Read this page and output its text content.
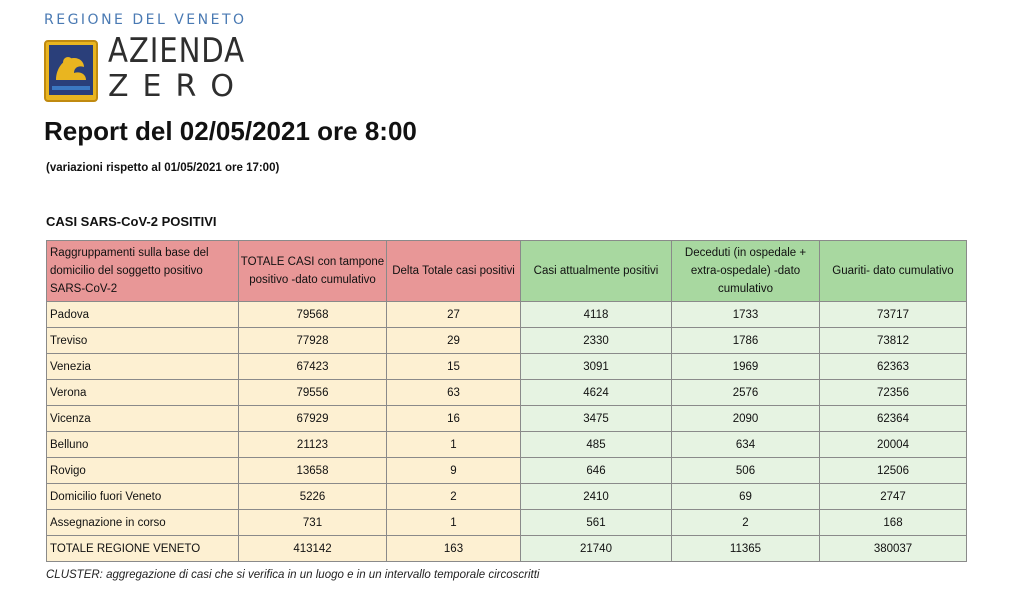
REGIONE DEL VENETO
AZIENDA
ZERO
Report del 02/05/2021 ore 8:00
(variazioni rispetto al 01/05/2021 ore 17:00)
CASI SARS-CoV-2 POSITIVI
Raggruppamenti sulla base del domicilio del soggetto positivo SARS-CoV-2	TOTALE CASI con tampone positivo -dato cumulativo	Delta Totale casi positivi	Casi attualmente positivi	Deceduti (in ospedale + extra-ospedale) -dato cumulativo	Guariti- dato cumulativo
Padova	79568	27	4118	1733	73717
Treviso	77928	29	2330	1786	73812
Venezia	67423	15	3091	1969	62363
Verona	79556	63	4624	2576	72356
Vicenza	67929	16	3475	2090	62364
Belluno	21123	1	485	634	20004
Rovigo	13658	9	646	506	12506
Domicilio fuori Veneto	5226	2	2410	69	2747
Assegnazione in corso	731	1	561	2	168
TOTALE REGIONE VENETO	413142	163	21740	11365	380037
CLUSTER: aggregazione di casi che si verifica in un luogo e in un intervallo temporale circoscritti
